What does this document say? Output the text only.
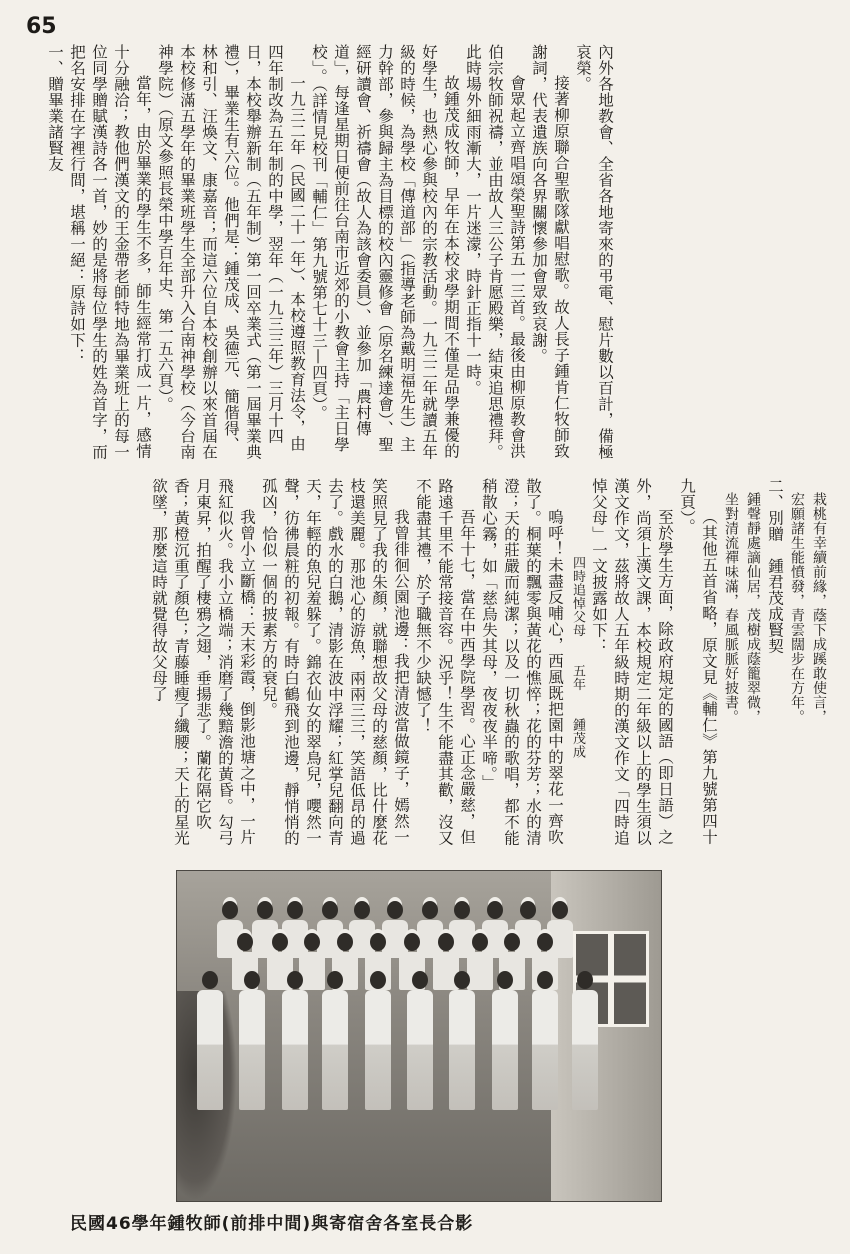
65

內外各地教會、全省各地寄來的弔電、慰片數以百計，備極哀榮。

接著柳原聯合聖歌隊獻唱慰歌。故人長子鍾肯仁牧師致謝詞，代表遺族向各界關懷參加會眾致哀謝。

會眾起立齊唱頌榮聖詩第五一三首。最後由柳原教會洪伯宗牧師祝禱，並由故人三公子肯愿殿樂，結束追思禮拜。此時場外細雨漸大，一片迷濛，時針正指十一時。

故鍾茂成牧師，早年在本校求學期間不僅是品學兼優的好學生，也熱心參與校內的宗教活動。一九三二年就讀五年級的時候，為學校「傳道部」（指導老師為戴明福先生）主力幹部，參與歸主為目標的校內靈修會（原名練達會）、聖經研讀會、祈禱會（故人為該會委員）、並參加「農村傳道」，每逢星期日便前往台南市近郊的小教會主持「主日學校」。（詳情見校刊「輔仁」第九號第七十三—四頁）。

一九三二年（民國二十一年）、本校遵照教育法令，由四年制改為五年制的中學，翌年（一九三三年）三月十四日，本校舉辦新制（五年制）第一回卒業式（第一屆畢業典禮），畢業生有六位。他們是：鍾茂成、吳德元、簡偕得、林和引、汪煥文、康嘉音；而這六位自本校創辦以來首屆在本校修滿五學年的畢業班學生全部升入台南神學校（今台南神學院）（原文參照長榮中學百年史、第一五六頁）。

當年，由於畢業的學生不多，師生經常打成一片，感情十分融洽；教他們漢文的王金帶老師特地為畢業班上的每一位同學贈賦漢詩各一首，妙的是將每位學生的姓為首字，而把名安排在字裡行間，堪稱一絕：原詩如下：

一、贈畢業諸賢友

栽桃有幸續前緣，蔭下成蹊敢使言，

宏願諸生能憤發，青雲闊步在方年。

二、別贈　鍾君茂成賢契

鍾聲靜處謫仙居，茂樹成蔭籠翠微，

坐對清流禪味滿，春風脈脈好披書。

（其他五首省略，原文見《輔仁》第九號第四十九頁）。

至於學生方面，除政府規定的國語（即日語）之外，尚須上漢文課，本校規定二年級以上的學生須以漢文作文，茲將故人五年級時期的漢文作文「四時追悼父母」一文披露如下：

四時追悼父母　　五年　　鍾茂成

嗚呼！未盡反哺心，西風既把園中的翠花一齊吹散了。桐葉的飄零與黃花的憔悴；花的芬芳；水的清澄；天的莊嚴而純潔；以及一切秋蟲的歌唱，都不能稍散心霧，如「慈烏失其母，夜夜夜半啼。」

吾年十七，當在中西學院學習。心正念嚴慈，但路遠千里不能常接音容。況乎！生不能盡其歡，沒又不能盡其禮，於子職無不少缺憾了！

我曾徘徊公園池邊：我把清波當做鏡子，嫣然一笑照見了我的朱顏，就聯想故父母的慈顏，比什麼花枝還美麗。那池心的游魚，兩兩三三，笑語低昂的過去了。戲水的白鵝，清影在波中浮耀；紅掌兒翻向青天，年輕的魚兒羞躲了。錦衣仙女的翠鳥兒，嚶然一聲，彷彿晨粧的初報。有時白鶴飛到池邊，靜悄悄的孤凶，恰似一個的披素方的衰兒。

我曾小立斷橋：天末彩霞，倒影池塘之中，一片飛紅似火。我小立橋端；消磨了幾黯澹的黃昏。勾弓月東昇，拍醒了棲鴉之翅，垂揚悲了。蘭花隔它吹香；黃橙沉重了顏色；青藤睡瘦了纖腰；天上的星光欲墜，那麼這時就覺得故父母了

民國46學年鍾牧師(前排中間)與寄宿舍各室長合影
